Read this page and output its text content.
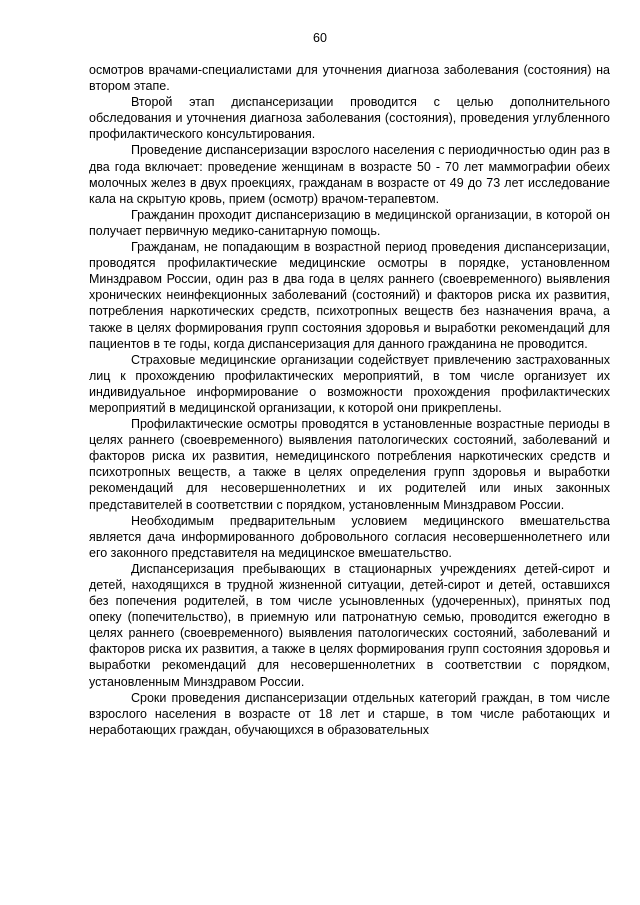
60

осмотров врачами-специалистами для уточнения диагноза заболевания (состояния) на втором этапе.

Второй этап диспансеризации проводится с целью дополнительного обследования и уточнения диагноза заболевания (состояния), проведения углубленного профилактического консультирования.

Проведение диспансеризации взрослого населения с периодичностью один раз в два года включает: проведение женщинам в возрасте 50 - 70 лет маммографии обеих молочных желез в двух проекциях, гражданам в возрасте от 49 до 73 лет исследование кала на скрытую кровь, прием (осмотр) врачом-терапевтом.

Гражданин проходит диспансеризацию в медицинской организации, в которой он получает первичную медико-санитарную помощь.

Гражданам, не попадающим в возрастной период проведения диспансеризации, проводятся профилактические медицинские осмотры в порядке, установленном Минздравом России, один раз в два года в целях раннего (своевременного) выявления хронических неинфекционных заболеваний (состояний) и факторов риска их развития, потребления наркотических средств, психотропных веществ без назначения врача, а также в целях формирования групп состояния здоровья и выработки рекомендаций для пациентов в те годы, когда диспансеризация для данного гражданина не проводится.

Страховые медицинские организации содействует привлечению застрахованных лиц к прохождению профилактических мероприятий, в том числе организует их индивидуальное информирование о возможности прохождения профилактических мероприятий в медицинской организации, к которой они прикреплены.

Профилактические осмотры проводятся в установленные возрастные периоды в целях раннего (своевременного) выявления патологических состояний, заболеваний и факторов риска их развития, немедицинского потребления наркотических средств и психотропных веществ, а также в целях определения групп здоровья и выработки рекомендаций для несовершеннолетних и их родителей или иных законных представителей в соответствии с порядком, установленным Минздравом России.

Необходимым предварительным условием медицинского вмешательства является дача информированного добровольного согласия несовершеннолетнего или его законного представителя на медицинское вмешательство.

Диспансеризация пребывающих в стационарных учреждениях детей-сирот и детей, находящихся в трудной жизненной ситуации, детей-сирот и детей, оставшихся без попечения родителей, в том числе усыновленных (удочеренных), принятых под опеку (попечительство), в приемную или патронатную семью, проводится ежегодно в целях раннего (своевременного) выявления патологических состояний, заболеваний и факторов риска их развития, а также в целях формирования групп состояния здоровья и выработки рекомендаций для несовершеннолетних в соответствии с порядком, установленным Минздравом России.

Сроки проведения диспансеризации отдельных категорий граждан, в том числе взрослого населения в возрасте от 18 лет и старше, в том числе работающих и неработающих граждан, обучающихся в образовательных
